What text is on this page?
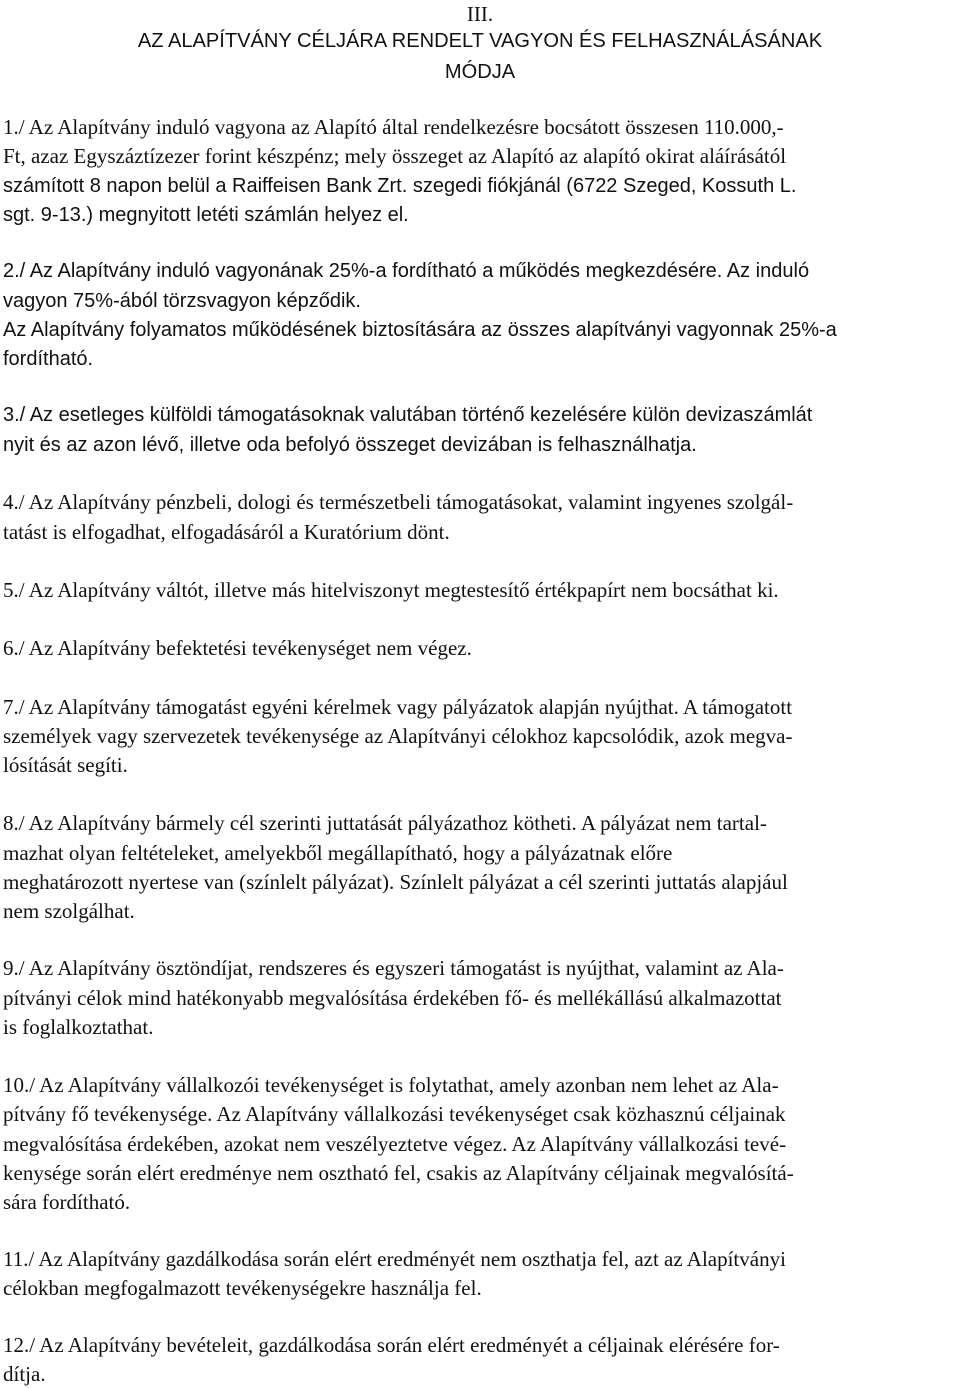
III.
AZ ALAPÍTVÁNY CÉLJÁRA RENDELT VAGYON ÉS FELHASZNÁLÁSÁNAK
MÓDJA
1./ Az Alapítvány induló vagyona az Alapító által rendelkezésre bocsátott összesen 110.000,-
Ft, azaz Egyszáztízezer forint készpénz; mely összeget az Alapító az alapító okirat aláírásától
számított 8 napon belül a Raiffeisen Bank Zrt. szegedi fiókjánál (6722 Szeged, Kossuth L.
sgt. 9-13.) megnyitott letéti számlán helyez el.
2./ Az Alapítvány induló vagyonának 25%-a fordítható a működés megkezdésére. Az induló
vagyon 75%-ából törzsvagyon képződik.
Az Alapítvány folyamatos működésének biztosítására az összes alapítványi vagyonnak 25%-a
fordítható.
3./ Az esetleges külföldi támogatásoknak valutában történő kezelésére külön devizaszámlát
nyit és az azon lévő, illetve oda befolyó összeget devizában is felhasználhatja.
4./ Az Alapítvány pénzbeli, dologi és természetbeli támogatásokat, valamint ingyenes szolgál-
tatást is elfogadhat, elfogadásáról a Kuratórium dönt.
5./ Az Alapítvány váltót, illetve más hitelviszonyt megtestesítő értékpapírt nem bocsáthat ki.
6./ Az Alapítvány befektetési tevékenységet nem végez.
7./ Az Alapítvány támogatást egyéni kérelmek vagy pályázatok alapján nyújthat. A támogatott
személyek vagy szervezetek tevékenysége az Alapítványi célokhoz kapcsolódik, azok megva-
lósítását segíti.
8./ Az Alapítvány bármely cél szerinti juttatását pályázathoz kötheti. A pályázat nem tartal-
mazhat olyan feltételeket, amelyekből megállapítható, hogy a pályázatnak előre
meghatározott nyertese van (színlelt pályázat). Színlelt pályázat a cél szerinti juttatás alapjául
nem szolgálhat.
9./ Az Alapítvány ösztöndíjat, rendszeres és egyszeri támogatást is nyújthat, valamint az Ala-
pítványi célok mind hatékonyabb megvalósítása érdekében fő- és mellékállású alkalmazottat
is foglalkoztathat.
10./ Az Alapítvány vállalkozói tevékenységet is folytathat, amely azonban nem lehet az Ala-
pítvány fő tevékenysége. Az Alapítvány vállalkozási tevékenységet csak közhasznú céljainak
megvalósítása érdekében, azokat nem veszélyeztetve végez. Az Alapítvány vállalkozási tevé-
kenysége során elért eredménye nem osztható fel, csakis az Alapítvány céljainak megvalósítá-
sára fordítható.
11./ Az Alapítvány gazdálkodása során elért eredményét nem oszthatja fel, azt az Alapítványi
célokban megfogalmazott tevékenységekre használja fel.
12./ Az Alapítvány bevételeit, gazdálkodása során elért eredményét a céljainak elérésére for-
dítja.
